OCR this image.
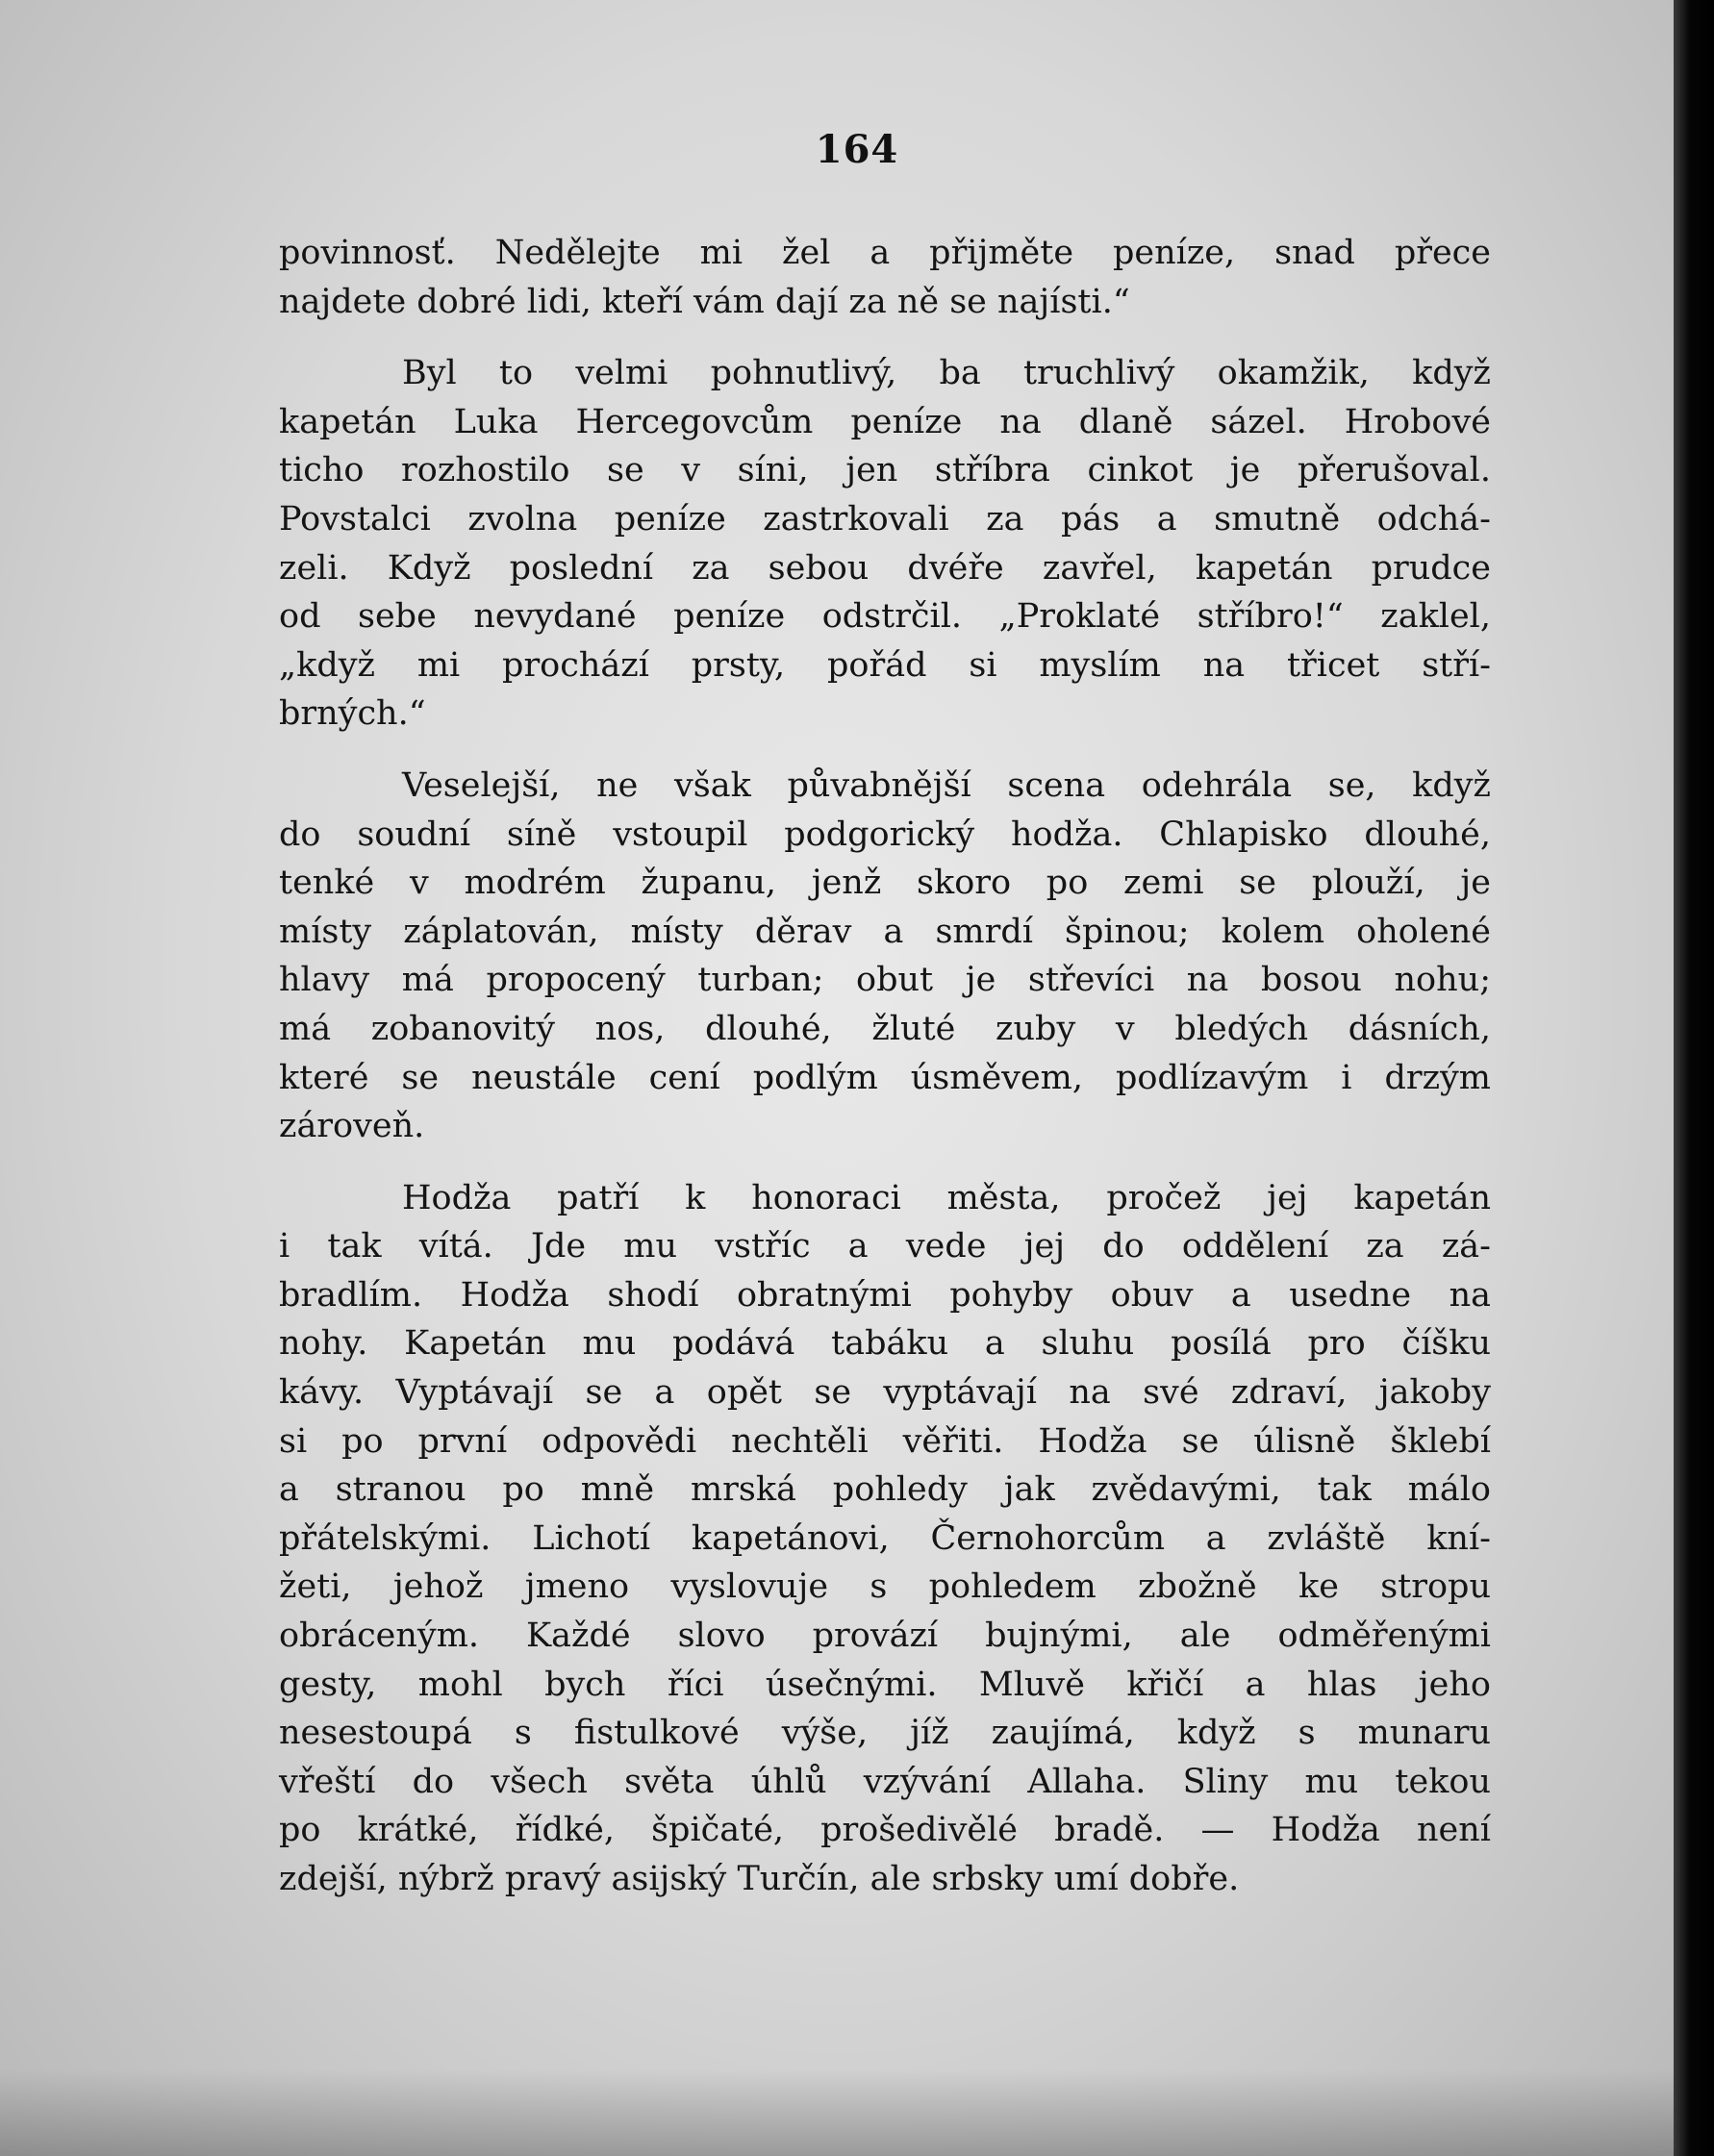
164
povinnosť. Nedělejte mi žel a přijměte peníze, snad přece
najdete dobré lidi, kteří vám dají za ně se najísti.“
Byl to velmi pohnutlivý, ba truchlivý okamžik, když
kapetán Luka Hercegovcům peníze na dlaně sázel. Hrobové
ticho rozhostilo se v síni, jen stříbra cinkot je přerušoval.
Povstalci zvolna peníze zastrkovali za pás a smutně odchá-
zeli. Když poslední za sebou dvéře zavřel, kapetán prudce
od sebe nevydané peníze odstrčil. „Proklaté stříbro!“ zaklel,
„když mi prochází prsty, pořád si myslím na třicet stří-
brných.“
Veselejší, ne však půvabnější scena odehrála se, když
do soudní síně vstoupil podgorický hodža. Chlapisko dlouhé,
tenké v modrém županu, jenž skoro po zemi se plouží, je
místy záplatován, místy děrav a smrdí špinou; kolem oholené
hlavy má propocený turban; obut je střevíci na bosou nohu;
má zobanovitý nos, dlouhé, žluté zuby v bledých dásních,
které se neustále cení podlým úsměvem, podlízavým i drzým
zároveň.
Hodža patří k honoraci města, pročež jej kapetán
i tak vítá. Jde mu vstříc a vede jej do oddělení za zá-
bradlím. Hodža shodí obratnými pohyby obuv a usedne na
nohy. Kapetán mu podává tabáku a sluhu posílá pro číšku
kávy. Vyptávají se a opět se vyptávají na své zdraví, jakoby
si po první odpovědi nechtěli věřiti. Hodža se úlisně šklebí
a stranou po mně mrská pohledy jak zvědavými, tak málo
přátelskými. Lichotí kapetánovi, Černohorcům a zvláště kní-
žeti, jehož jmeno vyslovuje s pohledem zbožně ke stropu
obráceným. Každé slovo provází bujnými, ale odměřenými
gesty, mohl bych říci úsečnými. Mluvě křičí a hlas jeho
nesestoupá s fistulkové výše, jíž zaujímá, když s munaru
vřeští do všech světa úhlů vzývání Allaha. Sliny mu tekou
po krátké, řídké, špičaté, prošedivělé bradě. — Hodža není
zdejší, nýbrž pravý asijský Turčín, ale srbsky umí dobře.
